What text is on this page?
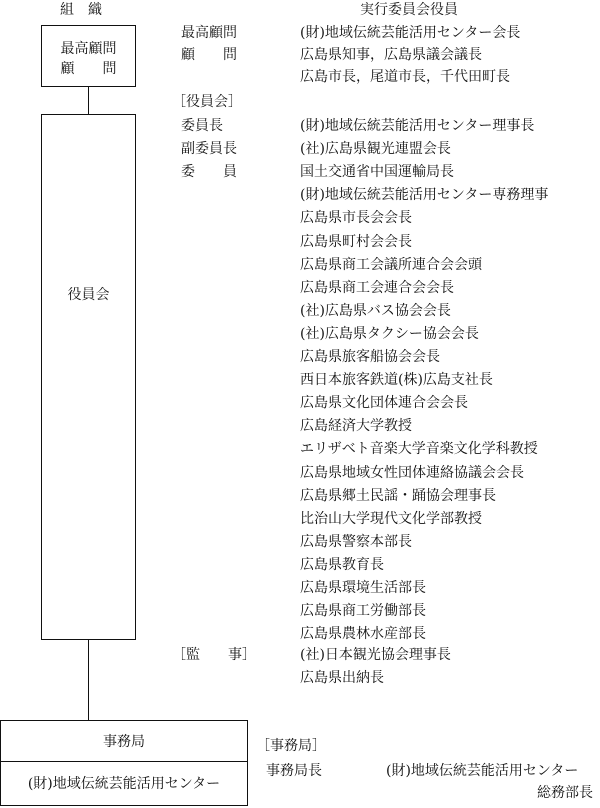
組　織
最高顧問
顧　　問
役員会
事務局
(財)地域伝統芸能活用センター
実行委員会役員
最高顧問	(財)地域伝統芸能活用センター会長
顧　　問	広島県知事，広島県議会議長
広島市長，尾道市長，千代田町長
［役員会］
委員長	(財)地域伝統芸能活用センター理事長
副委員長	(社)広島県観光連盟会長
委　　員	国土交通省中国運輸局長
(財)地域伝統芸能活用センター専務理事
広島県市長会会長
広島県町村会会長
広島県商工会議所連合会会頭
広島県商工会連合会会長
(社)広島県バス協会会長
(社)広島県タクシー協会会長
広島県旅客船協会会長
西日本旅客鉄道(株)広島支社長
広島県文化団体連合会会長
広島経済大学教授
エリザベト音楽大学音楽文化学科教授
広島県地域女性団体連絡協議会会長
広島県郷土民謡・踊協会理事長
比治山大学現代文化学部教授
広島県警察本部長
広島県教育長
広島県環境生活部長
広島県商工労働部長
広島県農林水産部長
［監　　事］	(社)日本観光協会理事長
広島県出納長
［事務局］
事務局長	(財)地域伝統芸能活用センター
総務部長
